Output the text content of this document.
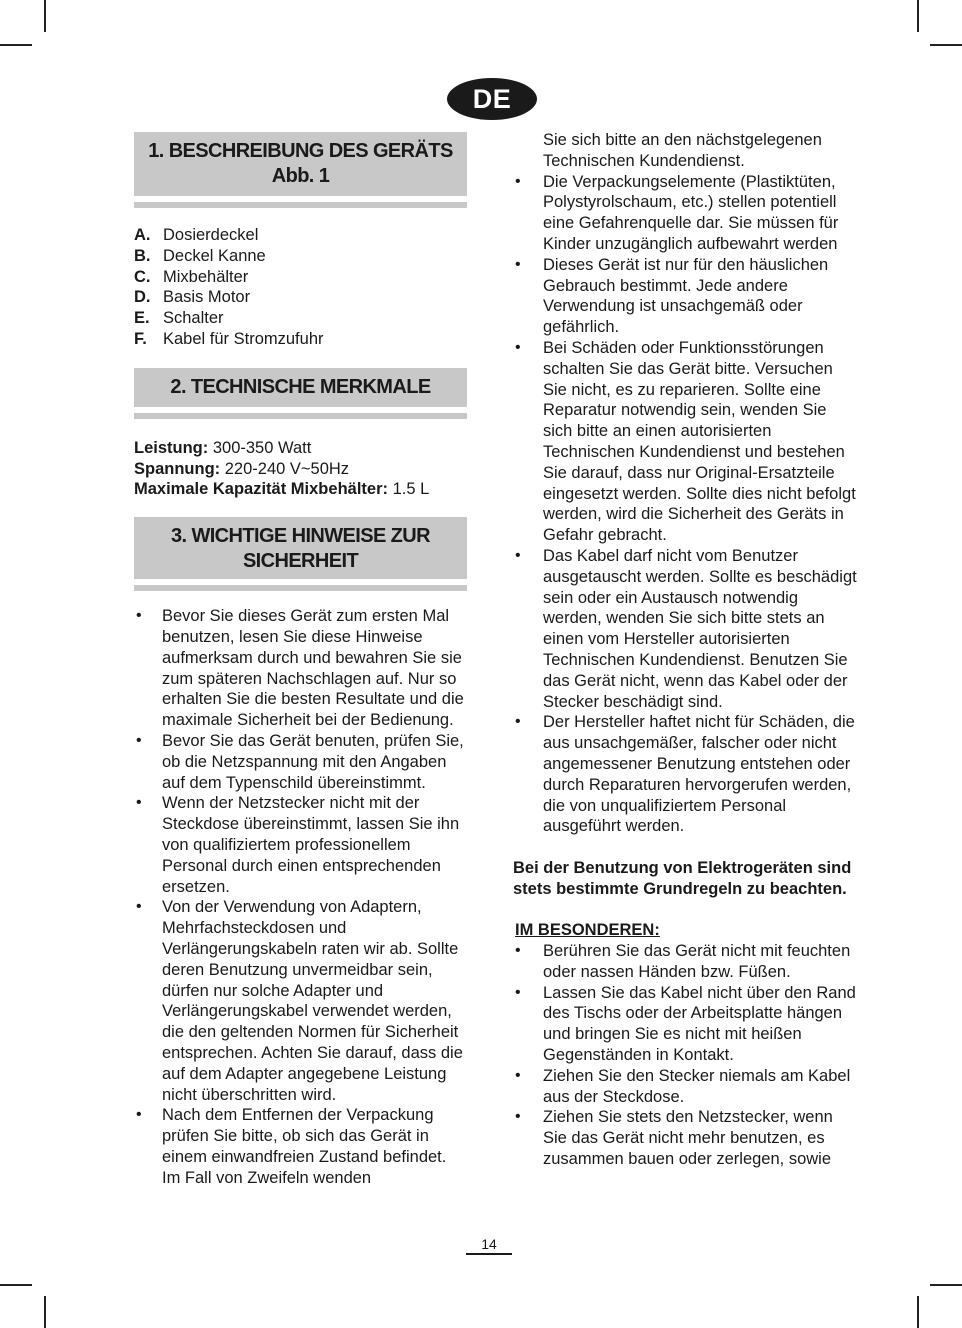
DE
1. BESCHREIBUNG DES GERÄTS Abb. 1
A. Dosierdeckel
B. Deckel Kanne
C. Mixbehälter
D. Basis Motor
E. Schalter
F. Kabel für Stromzufuhr
2. TECHNISCHE MERKMALE
Leistung: 300-350 Watt
Spannung: 220-240 V~50Hz
Maximale Kapazität Mixbehälter: 1.5 L
3. WICHTIGE HINWEISE ZUR
SICHERHEIT
• Bevor Sie dieses Gerät zum ersten Mal benutzen, lesen Sie diese Hinweise aufmerksam durch und bewahren Sie sie zum späteren Nachschlagen auf. Nur so erhalten Sie die besten Resultate und die maximale Sicherheit bei der Bedienung.
• Bevor Sie das Gerät benuten, prüfen Sie, ob die Netzspannung mit den Angaben auf dem Typenschild übereinstimmt.
• Wenn der Netzstecker nicht mit der Steckdose übereinstimmt, lassen Sie ihn von qualifiziertem professionellem Personal durch einen entsprechenden ersetzen.
• Von der Verwendung von Adaptern, Mehrfachsteckdosen und Verlängerungskabeln raten wir ab. Sollte deren Benutzung unvermeidbar sein, dürfen nur solche Adapter und Verlängerungskabel verwendet werden, die den geltenden Normen für Sicherheit entsprechen. Achten Sie darauf, dass die auf dem Adapter angegebene Leistung nicht überschritten wird.
• Nach dem Entfernen der Verpackung prüfen Sie bitte, ob sich das Gerät in einem einwandfreien Zustand befindet. Im Fall von Zweifeln wenden
Sie sich bitte an den nächstgelegenen Technischen Kundendienst.
• Die Verpackungselemente (Plastiktüten, Polystyrolschaum, etc.) stellen potentiell eine Gefahrenquelle dar. Sie müssen für Kinder unzugänglich aufbewahrt werden
• Dieses Gerät ist nur für den häuslichen Gebrauch bestimmt. Jede andere Verwendung ist unsachgemäß oder gefährlich.
• Bei Schäden oder Funktionsstörungen schalten Sie das Gerät bitte. Versuchen Sie nicht, es zu reparieren. Sollte eine Reparatur notwendig sein, wenden Sie sich bitte an einen autorisierten Technischen Kundendienst und bestehen Sie darauf, dass nur Original-Ersatzteile eingesetzt werden. Sollte dies nicht befolgt werden, wird die Sicherheit des Geräts in Gefahr gebracht.
• Das Kabel darf nicht vom Benutzer ausgetauscht werden. Sollte es beschädigt sein oder ein Austausch notwendig werden, wenden Sie sich bitte stets an einen vom Hersteller autorisierten Technischen Kundendienst. Benutzen Sie das Gerät nicht, wenn das Kabel oder der Stecker beschädigt sind.
• Der Hersteller haftet nicht für Schäden, die aus unsachgemäßer, falscher oder nicht angemessener Benutzung entstehen oder durch Reparaturen hervorgerufen werden, die von unqualifiziertem Personal ausgeführt werden.
Bei der Benutzung von Elektrogeräten sind stets bestimmte Grundregeln zu beachten.
IM BESONDEREN:
• Berühren Sie das Gerät nicht mit feuchten oder nassen Händen bzw. Füßen.
• Lassen Sie das Kabel nicht über den Rand des Tischs oder der Arbeitsplatte hängen und bringen Sie es nicht mit heißen Gegenständen in Kontakt.
• Ziehen Sie den Stecker niemals am Kabel aus der Steckdose.
• Ziehen Sie stets den Netzstecker, wenn Sie das Gerät nicht mehr benutzen, es zusammen bauen oder zerlegen, sowie
14
